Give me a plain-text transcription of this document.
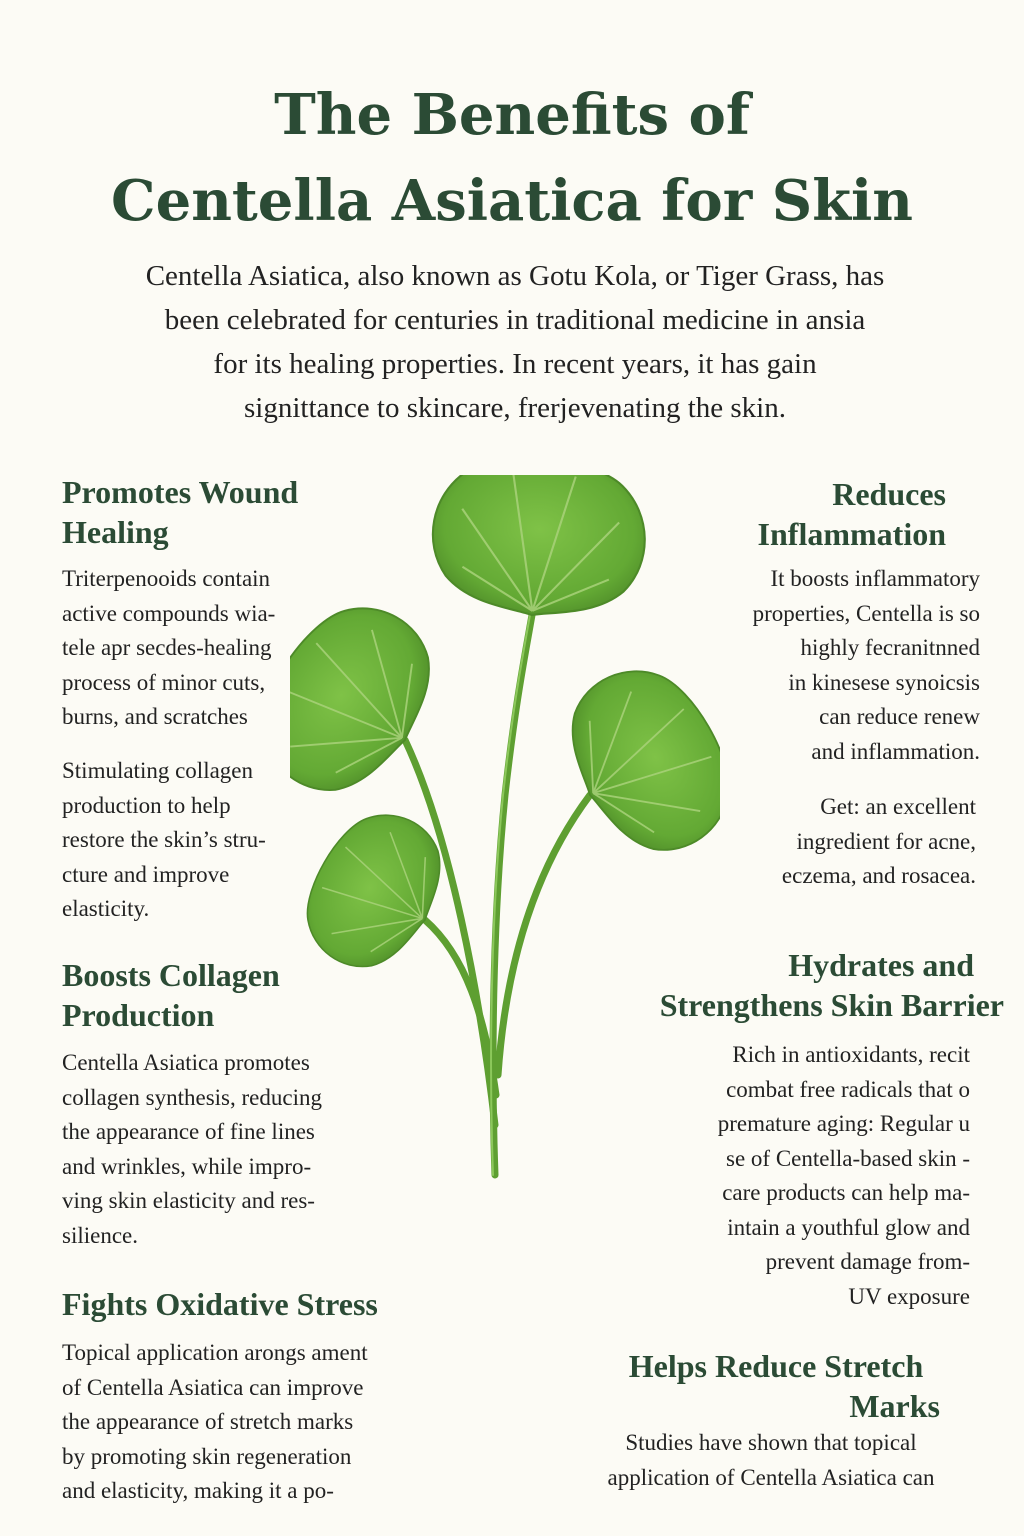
The Benefits of
Centella Asiatica for Skin

Centella Asiatica, also known as Gotu Kola, or Tiger Grass, has
been celebrated for centuries in traditional medicine in ansia
for its healing properties. In recent years, it has gain
signittance to skincare, frerjevenating the skin.

Promotes Wound
Healing

Triterpenooids contain
active compounds wia-
tele apr secdes-healing
process of minor cuts,
burns, and scratches

Stimulating collagen
production to help
restore the skin’s stru-
cture and improve
elasticity.

Boosts Collagen
Production

Centella Asiatica promotes
collagen synthesis, reducing
the appearance of fine lines
and wrinkles, while impro-
ving skin elasticity and res-
silience.

Fights Oxidative Stress

Topical application arongs ament
of Centella Asiatica can improve
the appearance of stretch marks
by promoting skin regeneration
and elasticity, making it a po-

Reduces
Inflammation

It boosts inflammatory
properties, Centella is so
highly fecranitnned
in kinesese synoicsis
can reduce renew
and inflammation.

Get: an excellent
ingredient for acne,
eczema, and rosacea.

Hydrates and
Strengthens Skin Barrier

Rich in antioxidants, recit
combat free radicals that o
premature aging: Regular u
se of Centella-based skin -
care products can help ma-
intain a youthful glow and
prevent damage from-
UV exposure

Helps Reduce Stretch
Marks

Studies have shown that topical
application of Centella Asiatica can
